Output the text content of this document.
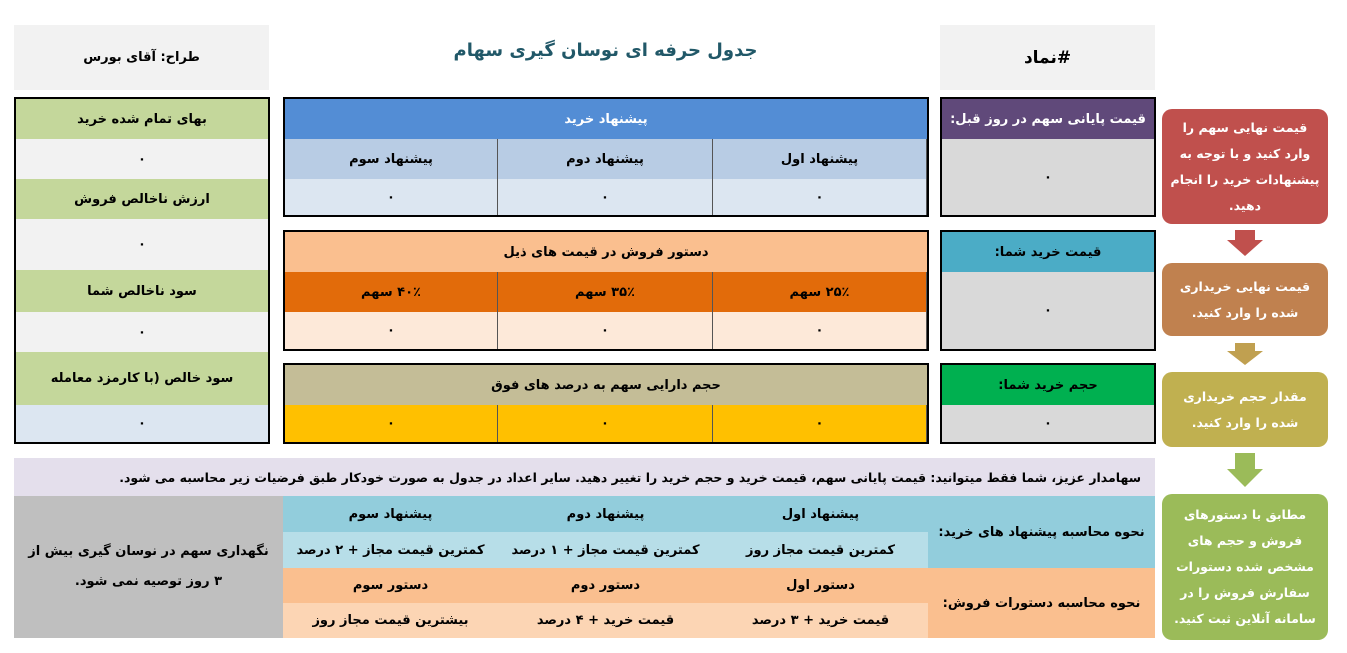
طراح: آقای بورس	جدول حرفه ای نوسان گیری سهام	#نماد
بهای تمام شده خرید
۰
ارزش ناخالص فروش
۰
سود ناخالص شما
۰
سود خالص (با کارمزد معامله
۰
پیشنهاد خرید
پیشنهاد اول
پیشنهاد دوم
پیشنهاد سوم
۰
۰
۰
دستور فروش در قیمت های ذیل
۲۵٪ سهم
۳۵٪ سهم
۴۰٪ سهم
۰
۰
۰
حجم دارایی سهم به درصد های فوق
۰
۰
۰
قیمت پایانی سهم در روز قبل:
۰
قیمت خرید شما:
۰
حجم خرید شما:
۰
قیمت نهایی سهم را وارد کنید و با توجه به پیشنهادات خرید را انجام دهید.
قیمت نهایی خریداری شده را وارد کنید.
مقدار حجم خریداری شده را وارد کنید.
مطابق با دستورهای فروش و حجم های مشخص شده دستورات سفارش فروش را در سامانه آنلاین ثبت کنید.
سهامدار عزیز، شما فقط میتوانید: قیمت پایانی سهم، قیمت خرید و حجم خرید را تغییر دهید. سایر اعداد در جدول به صورت خودکار طبق فرضیات زیر محاسبه می شود.
نگهداری سهم در نوسان گیری بیش از ۳ روز توصیه نمی شود.
نحوه محاسبه پیشنهاد های خرید:
نحوه محاسبه دستورات فروش:
پیشنهاد اول
پیشنهاد دوم
پیشنهاد سوم
کمترین قیمت مجاز روز
کمترین قیمت مجاز + ۱ درصد
کمترین قیمت مجاز + ۲ درصد
دستور اول
دستور دوم
دستور سوم
قیمت خرید + ۳ درصد
قیمت خرید + ۴ درصد
بیشترین قیمت مجاز روز
